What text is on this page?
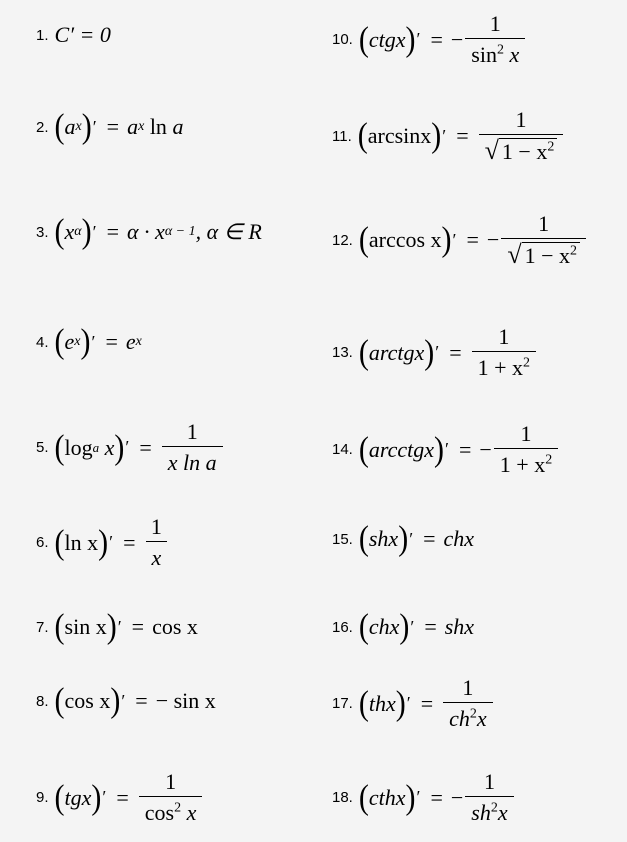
1. C′ = 0
2. ( a x ) ′ = a x
ln
a
3. ( x α ) ′ = α · x α − 1 , α ∈ R
4. ( e x ) ′ = e x
5. ( log a
x ) ′ = $\frac{1}{\text{x ln a}}$
6. ( ln x ) ′ = $\frac{1}{x}$
7. ( sin x ) ′ = cos x
8. ( cos x ) ′ = − sin x
9. ( tgx ) ′ = $\frac{1}{\cos^2 x}$
10. ( ctgx ) ′ = − $\frac{1}{\sin^2 x}$
11. ( arcsinx ) ′ = $\frac{1}{√ 1 - x^2}$
12. ( arccos x ) ′ = − $\frac{1}{√ 1 - x^2}$
13. ( arctgx ) ′ = $\frac{1}{1 + x^2}$
14. ( arcctgx ) ′ = − $\frac{1}{1 + x^2}$
15. ( shx ) ′ = chx
16. ( chx ) ′ = shx
17. ( thx ) ′ = $\frac{1}{ch^2x}$
18. ( cthx ) ′ = − $\frac{1}{sh^2x}$
